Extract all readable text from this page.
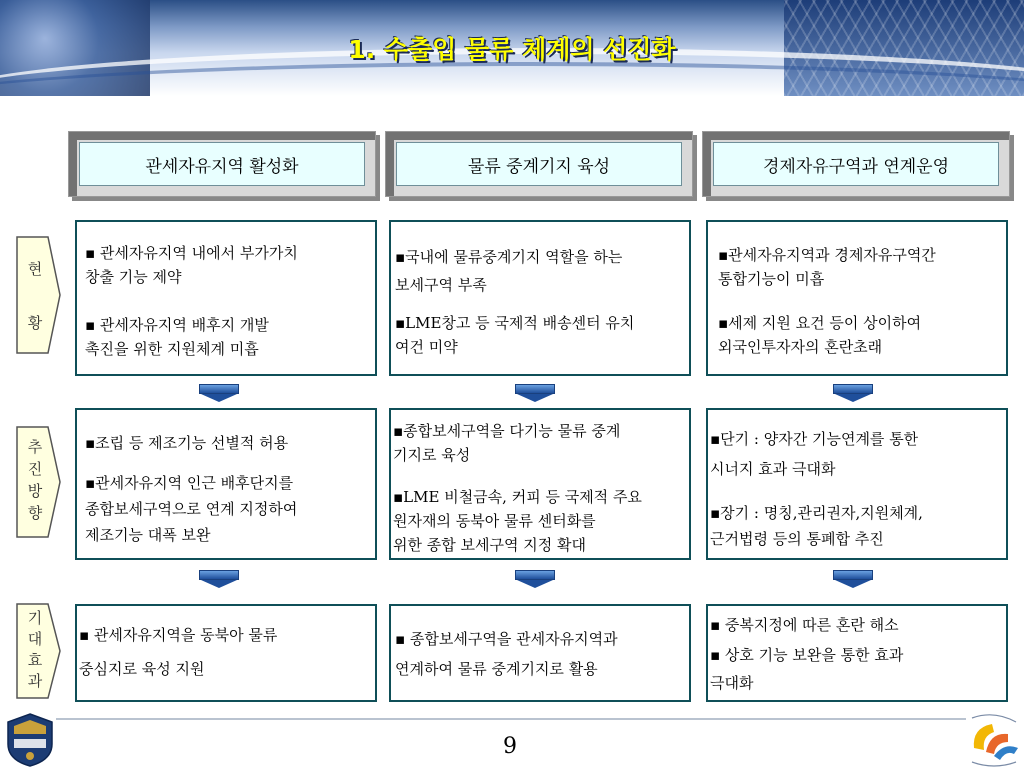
1. 수출입 물류 체계의 선진화
관세자유지역 활성화	물류 중계기지 육성	경제자유구역과 연계운영
현
황
추
진
방
향
기
대
효
과
▪ 관세자유지역 내에서 부가가치
창출 기능 제약
▪ 관세자유지역 배후지 개발
촉진을 위한 지원체계 미흡
▪국내에 물류중계기지 역할을 하는
보세구역 부족
▪LME창고 등 국제적 배송센터 유치
여건 미약
▪관세자유지역과 경제자유구역간
통합기능이 미흡
▪세제 지원 요건 등이 상이하여
외국인투자자의 혼란초래
▪조립 등 제조기능 선별적 허용
▪관세자유지역 인근 배후단지를
종합보세구역으로 연계 지정하여
제조기능 대폭 보완
▪종합보세구역을 다기능 물류 중계
기지로 육성
▪LME 비철금속, 커피 등 국제적 주요
원자재의 동북아 물류 센터화를
위한 종합 보세구역 지정 확대
▪단기 : 양자간 기능연계를 통한
시너지 효과 극대화
▪장기 : 명칭,관리권자,지원체계,
근거법령 등의 통폐합 추진
▪ 관세자유지역을 동북아 물류
중심지로 육성 지원
▪ 종합보세구역을 관세자유지역과
연계하여 물류 중계기지로 활용
▪ 중복지정에 따른 혼란 해소
▪ 상호 기능 보완을 통한 효과
극대화
9
